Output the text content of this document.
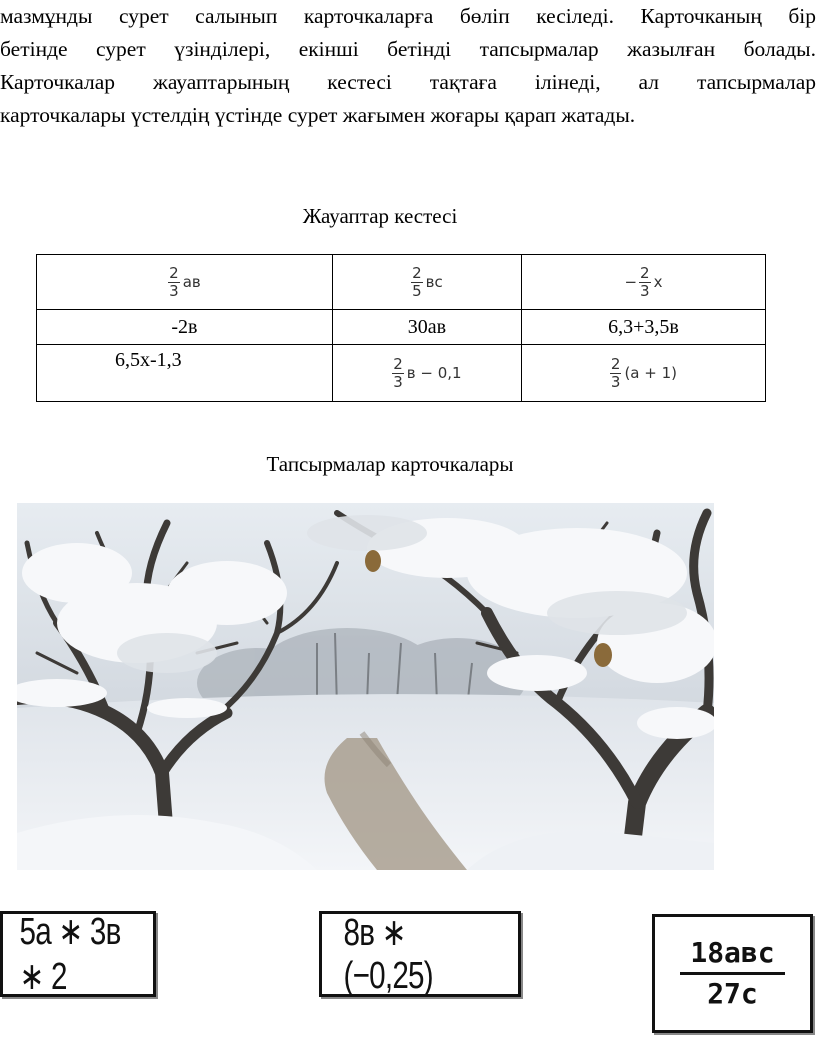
мазмұнды сурет салынып карточкаларға бөліп кесіледі. Карточканың бір
бетінде сурет үзінділері, екінші бетінді тапсырмалар жазылған болады.
Карточкалар жауаптарының кестесі тақтаға ілінеді, ал тапсырмалар
карточкалары үстелдің үстінде сурет жағымен жоғары қарап жатады.
Жауаптар кестесі
$\frac{2}{3}$ ав	$\frac{2}{5}$ вс	− $\frac{2}{3}$ х
-2в	30ав	6,3+3,5в
6,5х-1,3	$\frac{2}{3}$ в − 0,1	$\frac{2}{3} (а + 1)$
Тапсырмалар карточкалары
5а ∗ 3в ∗ 2
8в ∗ (−0,25)
18авс
27с
